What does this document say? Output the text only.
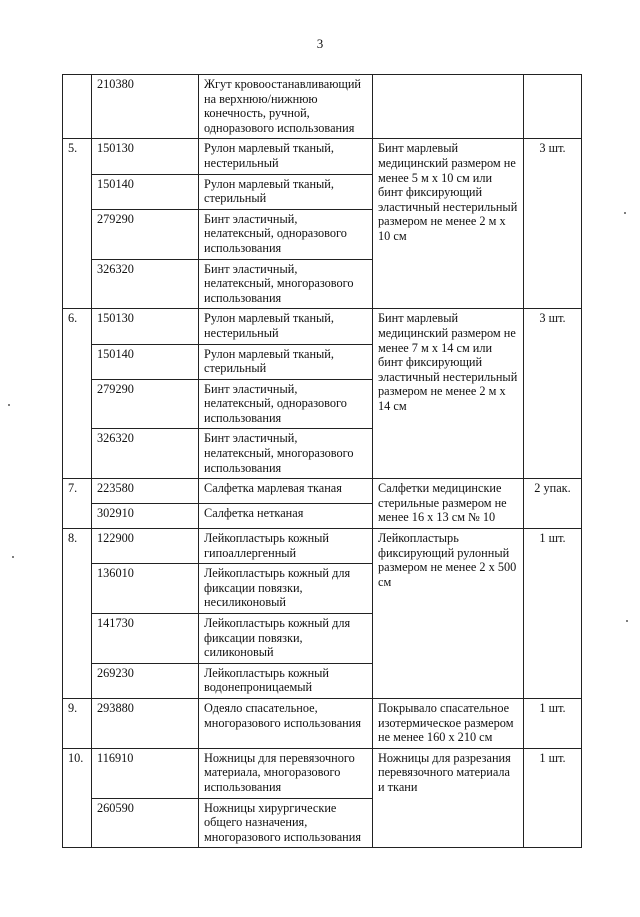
3
	210380	Жгут кровоостанавливающий на верхнюю/нижнюю конечность, ручной, одноразового использования		
5.	150130	Рулон марлевый тканый, нестерильный	Бинт марлевый медицинский размером не менее 5 м х 10 см или бинт фиксирующий эластичный нестерильный размером не менее 2 м х 10 см	3 шт.
	150140	Рулон марлевый тканый, стерильный		
	279290	Бинт эластичный, нелатексный, одноразового использования		
	326320	Бинт эластичный, нелатексный, многоразового использования		
6.	150130	Рулон марлевый тканый, нестерильный	Бинт марлевый медицинский размером не менее 7 м х 14 см или бинт фиксирующий эластичный нестерильный размером не менее 2 м х 14 см	3 шт.
	150140	Рулон марлевый тканый, стерильный		
	279290	Бинт эластичный, нелатексный, одноразового использования		
	326320	Бинт эластичный, нелатексный, многоразового использования		
7.	223580	Салфетка марлевая тканая	Салфетки медицинские стерильные размером не менее 16 х 13 см № 10	2 упак.
	302910	Салфетка нетканая		
8.	122900	Лейкопластырь кожный гипоаллергенный	Лейкопластырь фиксирующий рулонный размером не менее 2 х 500 см	1 шт.
	136010	Лейкопластырь кожный для фиксации повязки, несиликоновый		
	141730	Лейкопластырь кожный для фиксации повязки, силиконовый		
	269230	Лейкопластырь кожный водонепроницаемый		
9.	293880	Одеяло спасательное, многоразового использования	Покрывало спасательное изотермическое размером не менее 160 х 210 см	1 шт.
10.	116910	Ножницы для перевязочного материала, многоразового использования	Ножницы для разрезания перевязочного материала и ткани	1 шт.
	260590	Ножницы хирургические общего назначения, многоразового использования		
